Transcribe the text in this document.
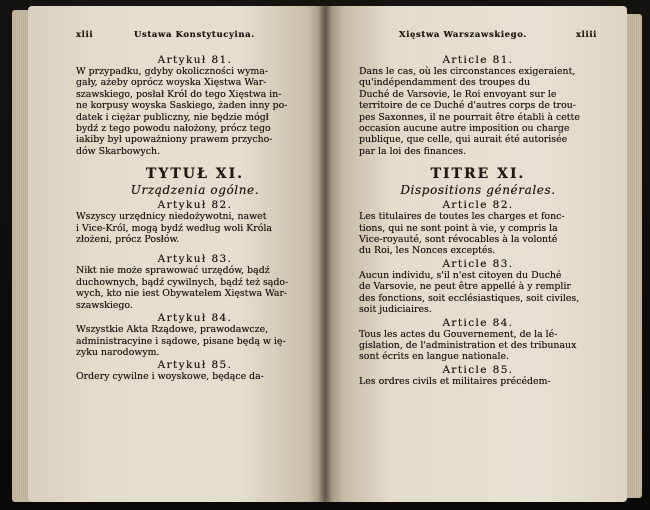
xlii	Ustawa Konstytucyina.
Artykuł 81.
W przypadku, gdyby okoliczności wyma-
gały, ażeby oprócz woyska Xięstwa War-
szawskiego, posłał Król do tego Xięstwa in-
ne korpusy woyska Saskiego, żaden inny po-
datek i ciężar publiczny, nie będzie mógł
bydź z tego powodu nałożony, prócz tego
iakiby był upoważniony prawem przycho-
dów Skarbowych.
TYTUŁ XI.
Urządzenia ogólne.
Artykuł 82.
Wszyscy urzędnicy niedożywotni, nawet
i Vice-Król, mogą bydź według woli Króla
złożeni, prócz Posłów.
Artykuł 83.
Nikt nie może sprawować urzędów, bądź
duchownych, bądź cywilnych, bądź też sądo-
wych, kto nie iest Obywatelem Xięstwa War-
szawskiego.
Artykuł 84.
Wszystkie Akta Rządowe, prawodawcze,
administracyine i sądowe, pisane będą w ię-
zyku narodowym.
Artykuł 85.
Ordery cywilne i woyskowe, będące da-
Xięstwa Warszawskiego.	xliii
Article 81.
Dans le cas, où les circonstances exigeraient,
qu'indépendamment des troupes du
Duché de Varsovie, le Roi envoyant sur le
territoire de ce Duché d'autres corps de trou-
pes Saxonnes, il ne pourrait être établi à cette
occasion aucune autre imposition ou charge
publique, que celle, qui aurait été autorisée
par la loi des finances.
TITRE XI.
Dispositions générales.
Article 82.
Les titulaires de toutes les charges et fonc-
tions, qui ne sont point à vie, y compris la
Vice-royauté, sont révocables à la volonté
du Roi, les Nonces exceptés.
Article 83.
Aucun individu, s'il n'est citoyen du Duché
de Varsovie, ne peut être appellé à y remplir
des fonctions, soit ecclésiastiques, soit civiles,
soit judiciaires.
Article 84.
Tous les actes du Gouvernement, de la lé-
gislation, de l'administration et des tribunaux
sont écrits en langue nationale.
Article 85.
Les ordres civils et militaires précédem-
